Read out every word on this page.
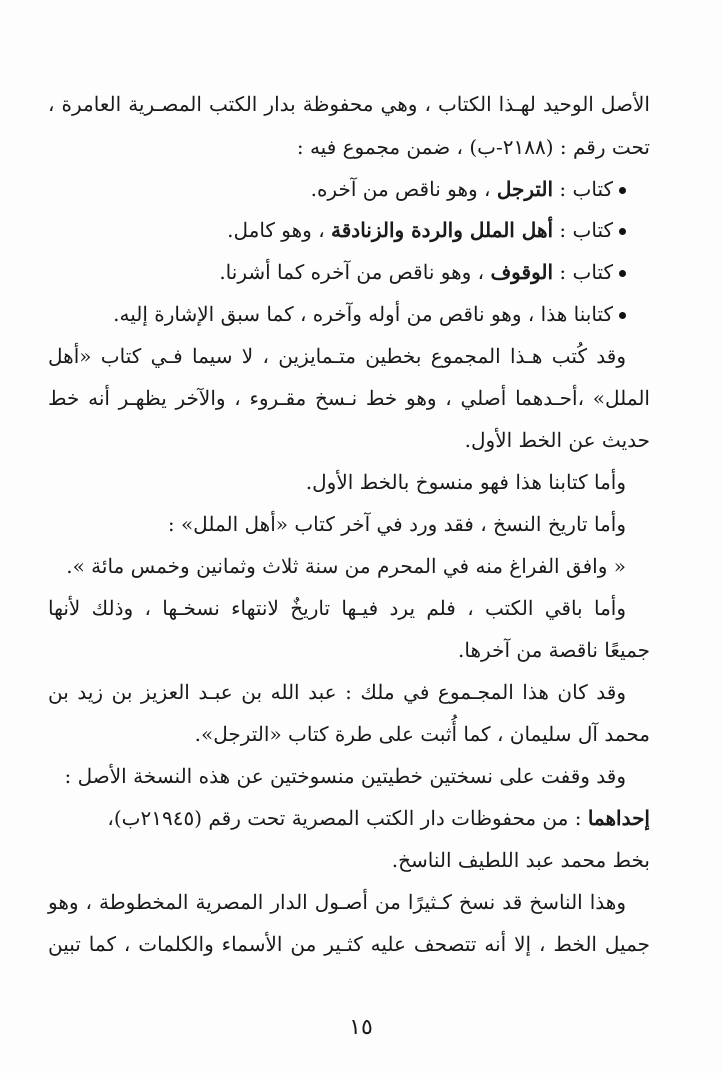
الأصل الوحيد لهـذا الكتاب ، وهي محفوظة بدار الكتب المصـرية العامرة ،
تحت رقم : (٢١٨٨-ب) ، ضمن مجموع فيه :
كتاب : الترجل ، وهو ناقص من آخره.
كتاب : أهل الملل والردة والزنادقة ، وهو كامل.
كتاب : الوقوف ، وهو ناقص من آخره كما أشرنا.
كتابنا هذا ، وهو ناقص من أوله وآخره ، كما سبق الإشارة إليه.
وقد كُتب هـذا المجموع بخطين متـمايزين ، لا سيما فـي كتاب «أهل
الملل» ،أحـدهما أصلي ، وهو خط نـسخ مقـروء ، والآخر يظهـر أنه خط
حديث عن الخط الأول.
وأما كتابنا هذا فهو منسوخ بالخط الأول.
وأما تاريخ النسخ ، فقد ورد في آخر كتاب «أهل الملل» :
« وافق الفراغ منه في المحرم من سنة ثلاث وثمانين وخمس مائة ».
وأما باقي الكتب ، فلم يرد فيـها تاريخٌ لانتهاء نسخـها ، وذلك لأنها
جميعًا ناقصة من آخرها.
وقد كان هذا المجـموع في ملك : عبد الله بن عبـد العزيز بن زيد بن
محمد آل سليمان ، كما أُثبت على طرة كتاب «الترجل».
وقد وقفت على نسختين خطيتين منسوختين عن هذه النسخة الأصل :
إحداهما : من محفوظات دار الكتب المصرية تحت رقم (٢١٩٤٥ب)،
بخط محمد عبد اللطيف الناسخ.
وهذا الناسخ قد نسخ كـثيرًا من أصـول الدار المصرية المخطوطة ، وهو
جميل الخط ، إلا أنه تتصحف عليه كثـير من الأسماء والكلمات ، كما تبين
١٥
